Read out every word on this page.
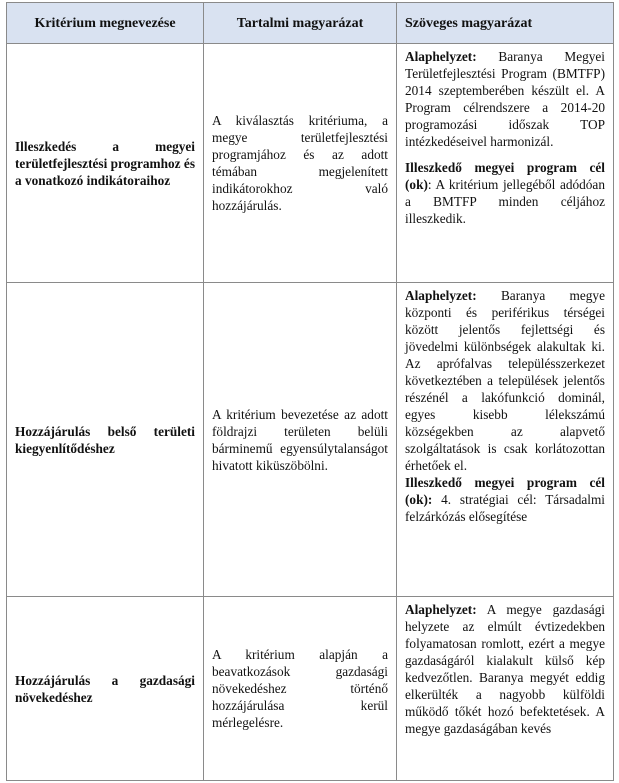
Kritérium megnevezése	Tartalmi magyarázat	Szöveges magyarázat
Illeszkedés a megyei területfejlesztési programhoz és a vonatkozó indikátoraihoz	A kiválasztás kritériuma, a megye területfejlesztési programjához és az adott témában megjelenített indikátorokhoz való hozzájárulás.	Alaphelyzet: Baranya Megyei Területfejlesztési Program (BMTFP) 2014 szeptemberében készült el. A Program célrendszere a 2014-20 programozási időszak TOP intézkedéseivel harmonizál.

Illeszkedő megyei program cél (ok): A kritérium jellegéből adódóan a BMTFP minden céljához illeszkedik.

Hozzájárulás belső területi kiegyenlítődéshez	A kritérium bevezetése az adott földrajzi területen belüli bárminemű egyensúlytalanságot hivatott kiküszöbölni.	Alaphelyzet: Baranya megye központi és periférikus térségei között jelentős fejlettségi és jövedelmi különbségek alakultak ki. Az aprófalvas településszerkezet következtében a települések jelentős részénél a lakófunkció dominál, egyes kisebb lélekszámú községekben az alapvető szolgáltatások is csak korlátozottan érhetőek el.

Illeszkedő megyei program cél (ok): 4. stratégiai cél: Társadalmi felzárkózás elősegítése

Hozzájárulás a gazdasági növekedéshez	A kritérium alapján a beavatkozások gazdasági növekedéshez történő hozzájárulása kerül mérlegelésre.	Alaphelyzet: A megye gazdasági helyzete az elmúlt évtizedekben folyamatosan romlott, ezért a megye gazdaságáról kialakult külső kép kedvezőtlen. Baranya megyét eddig elkerülték a nagyobb külföldi működő tőkét hozó befektetések. A megye gazdaságában kevés
